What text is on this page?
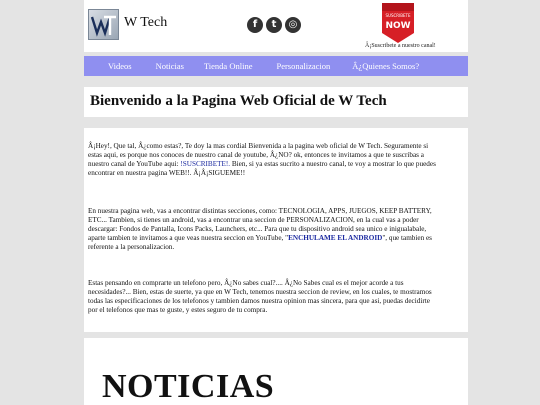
W Tech	f t ◎
SUSCRIBETE
NOW
Â¡Suscribete a nuestro canal!
Videos	Noticias Tienda Online	Personalizacion	Â¿Quienes Somos?
Bienvenido a la Pagina Web Oficial de W Tech

Â¡Hey!, Que tal, Â¿como estas?, Te doy la mas cordial Bienvenida a la pagina web oficial de W Tech. Seguramente si estas aqui, es porque nos conoces de nuestro canal de youtube, Â¿NO? ok, entonces te invitamos a que te suscribas a nuestro canal de YouTube aqui: !SUSCRIBETE!. Bien, si ya estas sucrito a nuestro canal, te voy a mostrar lo que puedes encontrar en nuestra pagina WEB!!. Â¡Â¡SIGUEME!!

En nuestra pagina web, vas a encontrar distintas secciones, como: TECNOLOGIA, APPS, JUEGOS, KEEP BATTERY, ETC... Tambien, si tienes un android, vas a encontrar una seccion de PERSONALIZACION, en la cual vas a poder descargar: Fondos de Pantalla, Icons Packs, Launchers, etc... Para que tu dispositivo android sea unico e inigualabale, aparte tambien te invitamos a que veas nuestra seccion en YouTube, "ENCHULAME EL ANDROID", que tambien es referente a la personalizacion.

Estas pensando en comprarte un telefono pero, Â¿No sabes cual?.... Â¿No Sabes cual es el mejor acorde a tus necesidades?... Bien, estas de suerte, ya que en W Tech, tenemos nuestra seccion de review, en los cuales, te mostramos todas las especificaciones de los telefonos y tambien damos nuestra opinion mas sincera, para que asi, puedas decidirte por el telefonos que mas te guste, y estes seguro de tu compra.

NOTICIAS
